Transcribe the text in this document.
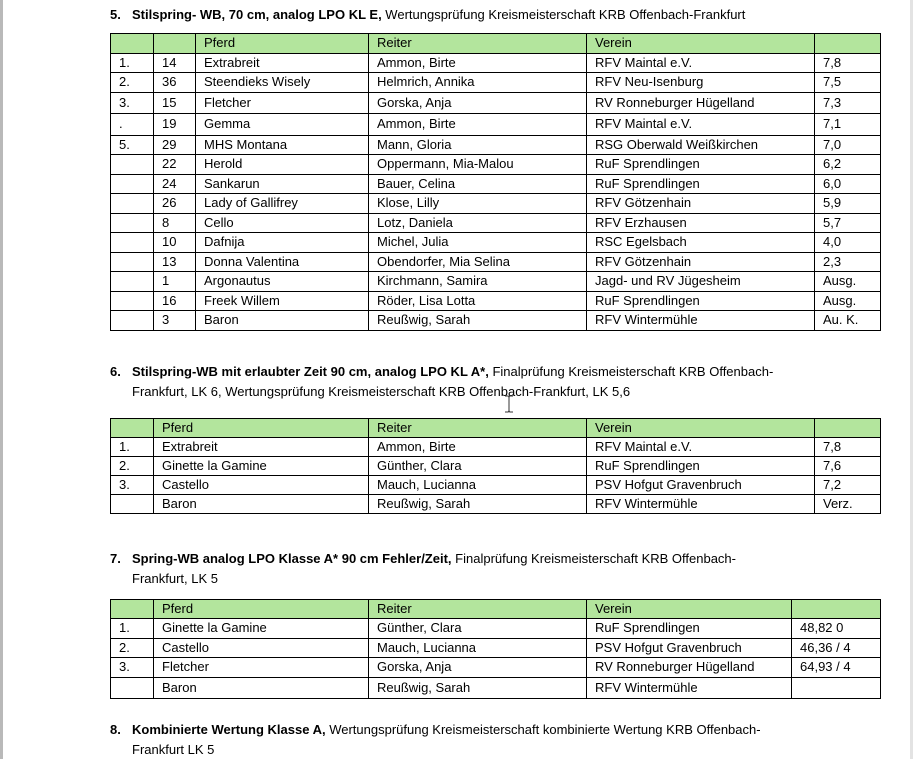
5. Stilspring- WB, 70 cm, analog LPO KL E, Wertungsprüfung Kreismeisterschaft KRB Offenbach-Frankfurt
		Pferd	Reiter	Verein	
1.	14	Extrabreit	Ammon, Birte	RFV Maintal e.V.	7,8
2.	36	Steendieks Wisely	Helmrich, Annika	RFV Neu-Isenburg	7,5
3.	15	Fletcher	Gorska, Anja	RV Ronneburger Hügelland	7,3
.	19	Gemma	Ammon, Birte	RFV Maintal e.V.	7,1
5.	29	MHS Montana	Mann, Gloria	RSG Oberwald Weißkirchen	7,0
	22	Herold	Oppermann, Mia-Malou	RuF Sprendlingen	6,2
	24	Sankarun	Bauer, Celina	RuF Sprendlingen	6,0
	26	Lady of Gallifrey	Klose, Lilly	RFV Götzenhain	5,9
	8	Cello	Lotz, Daniela	RFV Erzhausen	5,7
	10	Dafnija	Michel, Julia	RSC Egelsbach	4,0
	13	Donna Valentina	Obendorfer, Mia Selina	RFV Götzenhain	2,3
	1	Argonautus	Kirchmann, Samira	Jagd- und RV Jügesheim	Ausg.
	16	Freek Willem	Röder, Lisa Lotta	RuF Sprendlingen	Ausg.
	3	Baron	Reußwig, Sarah	RFV Wintermühle	Au. K.
6. Stilspring-WB mit erlaubter Zeit 90 cm, analog LPO KL A*, Finalprüfung Kreismeisterschaft KRB Offenbach-
Frankfurt, LK 6, Wertungsprüfung Kreismeisterschaft KRB Offenbach-Frankfurt, LK 5,6
	Pferd	Reiter	Verein	
1.	Extrabreit	Ammon, Birte	RFV Maintal e.V.	7,8
2.	Ginette la Gamine	Günther, Clara	RuF Sprendlingen	7,6
3.	Castello	Mauch, Lucianna	PSV Hofgut Gravenbruch	7,2
	Baron	Reußwig, Sarah	RFV Wintermühle	Verz.
7. Spring-WB analog LPO Klasse A* 90 cm Fehler/Zeit, Finalprüfung Kreismeisterschaft KRB Offenbach-
Frankfurt, LK 5
	Pferd	Reiter	Verein	
1.	Ginette la Gamine	Günther, Clara	RuF Sprendlingen	48,82 0
2.	Castello	Mauch, Lucianna	PSV Hofgut Gravenbruch	46,36 / 4
3.	Fletcher	Gorska, Anja	RV Ronneburger Hügelland	64,93 / 4
	Baron	Reußwig, Sarah	RFV Wintermühle	
8. Kombinierte Wertung Klasse A, Wertungsprüfung Kreismeisterschaft kombinierte Wertung KRB Offenbach-
Frankfurt LK 5
